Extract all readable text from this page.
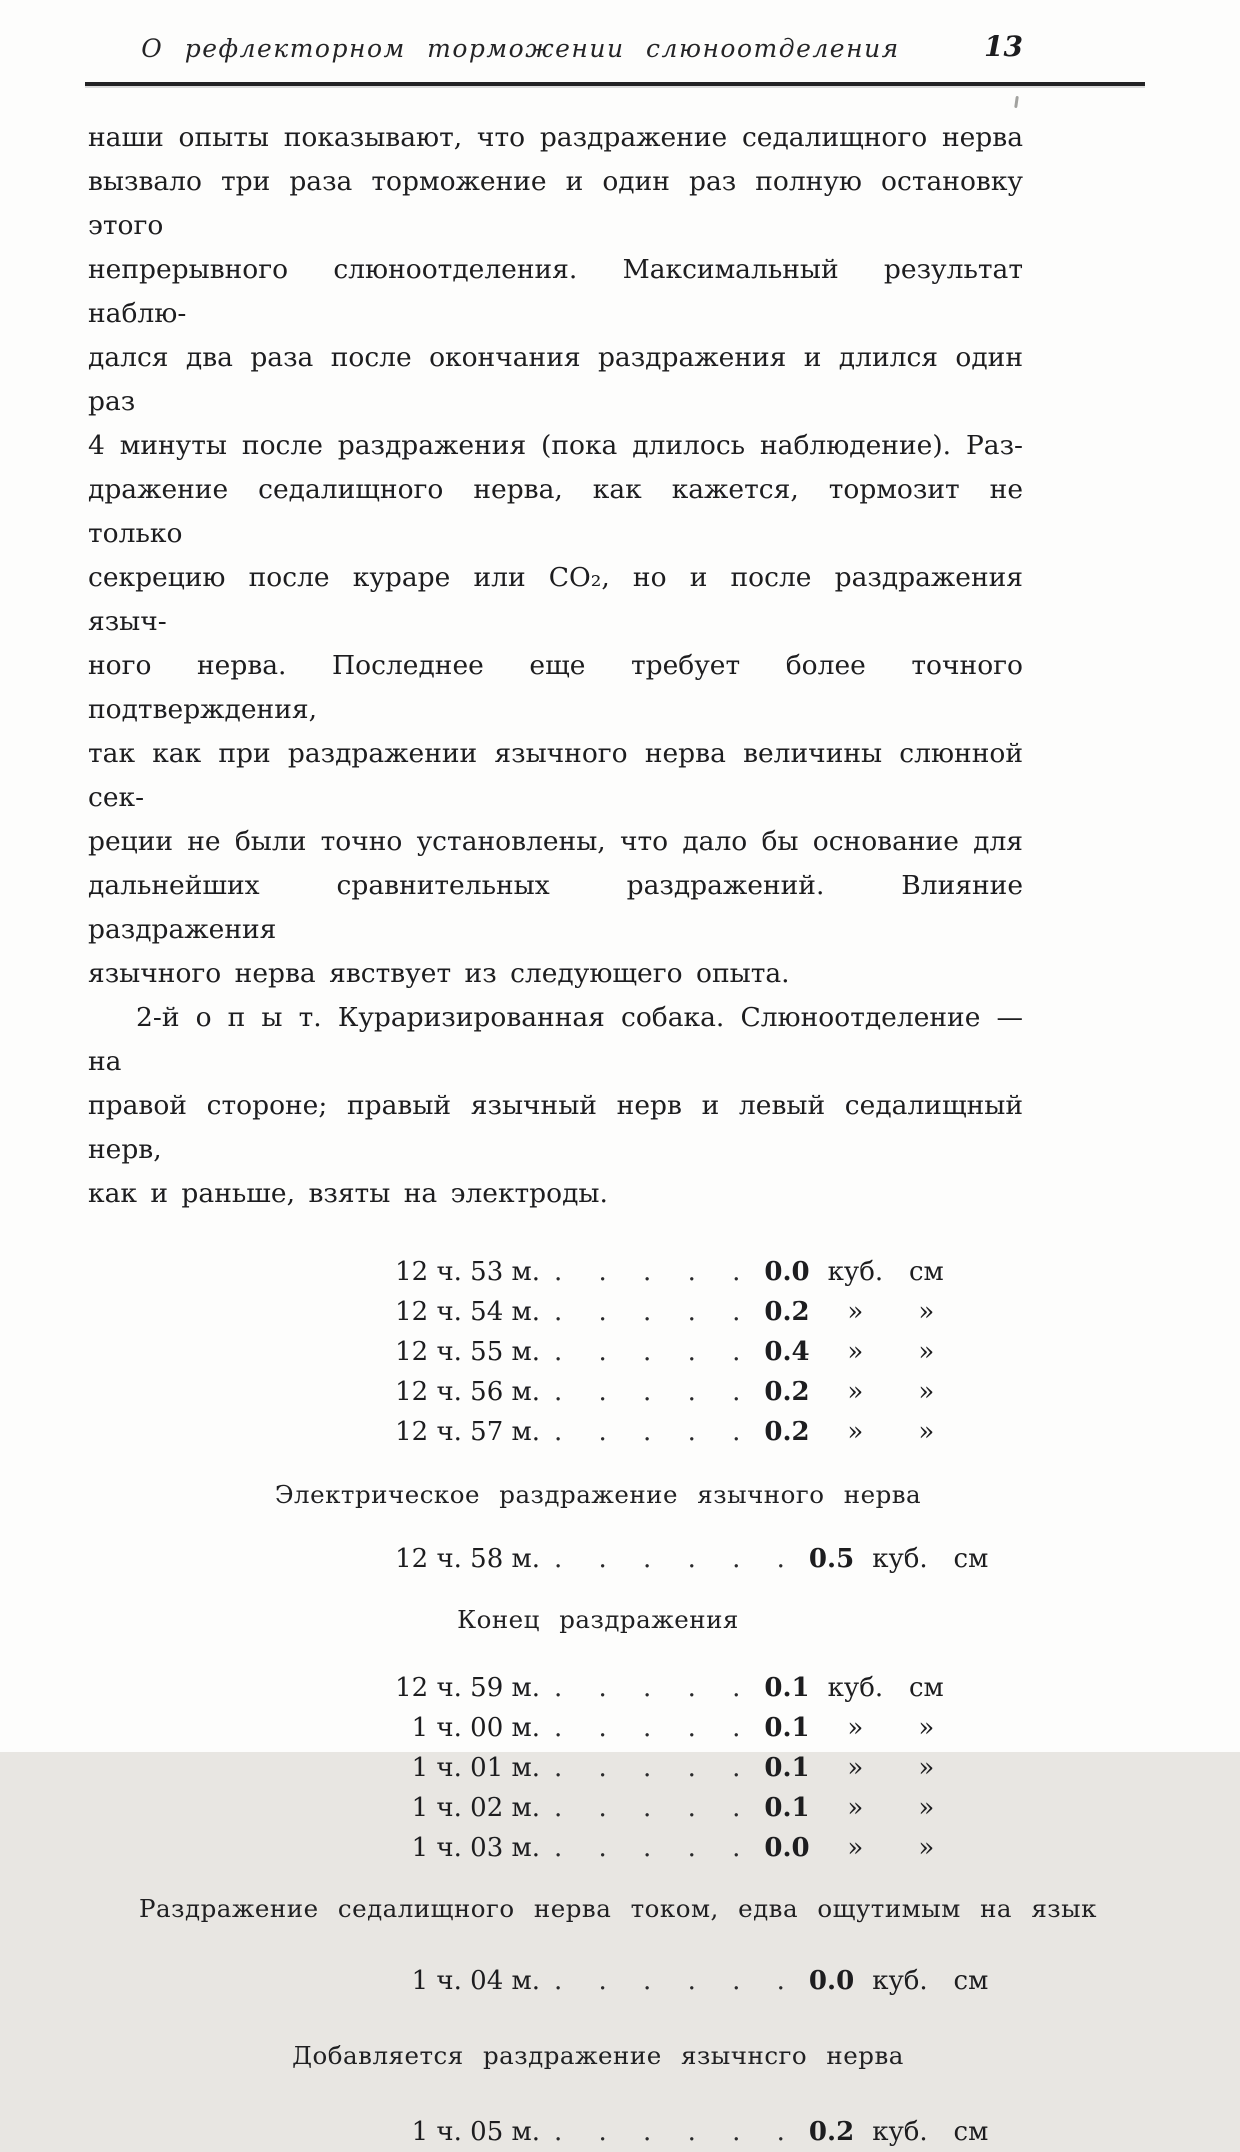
О рефлекторном торможении слюноотделения	13
наши опыты показывают, что раздражение седалищного нерва
вызвало три раза торможение и один раз полную остановку этого
непрерывного слюноотделения. Максимальный результат наблю-
дался два раза после окончания раздражения и длился один раз
4 минуты после раздражения (пока длилось наблюдение). Раз-
дражение седалищного нерва, как кажется, тормозит не только
секрецию после кураре или CO₂, но и после раздражения языч-
ного нерва. Последнее еще требует более точного подтверждения,
так как при раздражении язычного нерва величины слюнной сек-
реции не были точно установлены, что дало бы основание для
дальнейших сравнительных раздражений. Влияние раздражения
язычного нерва явствует из следующего опыта.
2-й о п ы т. Кураризированная собака. Слюноотделение — на
правой стороне; правый язычный нерв и левый седалищный нерв,
как и раньше, взяты на электроды.
12 ч. 53 м. . . . . . 0.0 куб. см
12 ч. 54 м. . . . . . 0.2	»	»
12 ч. 55 м. . . . . . 0.4	»	»
12 ч. 56 м. . . . . . 0.2	»	»
12 ч. 57 м. . . . . . 0.2	»	»
Электрическое раздражение язычного нерва
12 ч. 58 м. . . . . . . 0.5 куб. см
Конец раздражения
12 ч. 59 м. . . . . . 0.1 куб. см
1 ч. 00 м. . . . . . 0.1	»	»
1 ч. 01 м. . . . . . 0.1	»	»
1 ч. 02 м. . . . . . 0.1	»	»
1 ч. 03 м. . . . . . 0.0	»	»
Раздражение седалищного нерва током, едва ощутимым на язык
1 ч. 04 м. . . . . . . 0.0 куб. см
Добавляется раздражение язычнсго нерва
1 ч. 05 м. . . . . . . 0.2 куб. см
